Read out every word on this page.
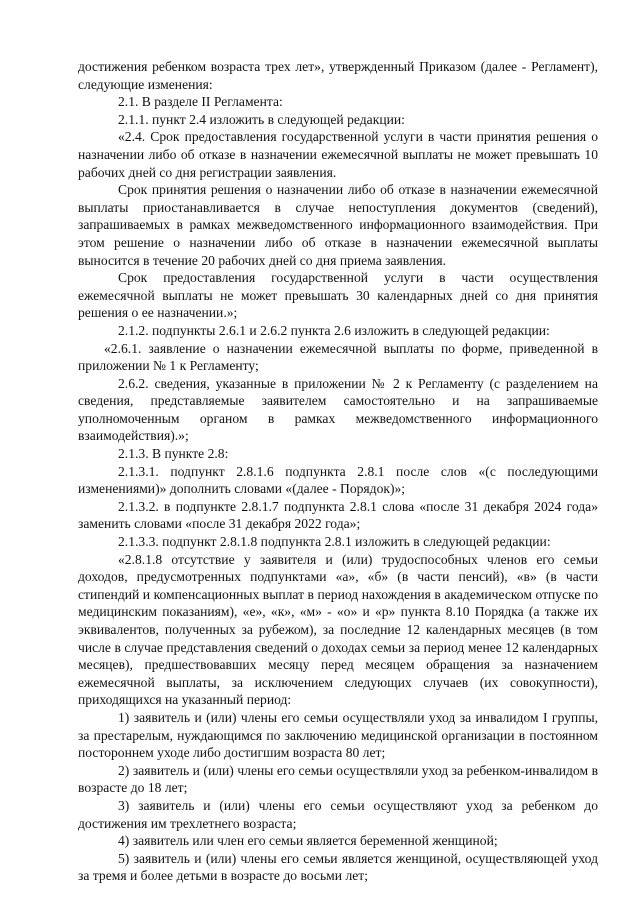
достижения ребенком возраста трех лет», утвержденный Приказом (далее - Регламент), следующие изменения:

2.1. В разделе II Регламента:

2.1.1. пункт 2.4 изложить в следующей редакции:

«2.4. Срок предоставления государственной услуги в части принятия решения о назначении либо об отказе в назначении ежемесячной выплаты не может превышать 10 рабочих дней со дня регистрации заявления.

Срок принятия решения о назначении либо об отказе в назначении ежемесячной выплаты приостанавливается в случае непоступления документов (сведений), запрашиваемых в рамках межведомственного информационного взаимодействия. При этом решение о назначении либо об отказе в назначении ежемесячной выплаты выносится в течение 20 рабочих дней со дня приема заявления.

Срок предоставления государственной услуги в части осуществления ежемесячной выплаты не может превышать 30 календарных дней со дня принятия решения о ее назначении.»;

2.1.2. подпункты 2.6.1 и 2.6.2 пункта 2.6 изложить в следующей редакции:

«2.6.1. заявление о назначении ежемесячной выплаты по форме, приведенной в приложении № 1 к Регламенту;

2.6.2. сведения, указанные в приложении № 2 к Регламенту (с разделением на сведения, представляемые заявителем самостоятельно и на запрашиваемые уполномоченным органом в рамках межведомственного информационного взаимодействия).»;

2.1.3. В пункте 2.8:

2.1.3.1. подпункт 2.8.1.6 подпункта 2.8.1 после слов «(с последующими изменениями)» дополнить словами «(далее - Порядок)»;

2.1.3.2. в подпункте 2.8.1.7 подпункта 2.8.1 слова «после 31 декабря 2024 года» заменить словами «после 31 декабря 2022 года»;

2.1.3.3. подпункт 2.8.1.8 подпункта 2.8.1 изложить в следующей редакции:

«2.8.1.8 отсутствие у заявителя и (или) трудоспособных членов его семьи доходов, предусмотренных подпунктами «а», «б» (в части пенсий), «в» (в части стипендий и компенсационных выплат в период нахождения в академическом отпуске по медицинским показаниям), «е», «к», «м» - «о» и «р» пункта 8.10 Порядка (а также их эквивалентов, полученных за рубежом), за последние 12 календарных месяцев (в том числе в случае представления сведений о доходах семьи за период менее 12 календарных месяцев), предшествовавших месяцу перед месяцем обращения за назначением ежемесячной выплаты, за исключением следующих случаев (их совокупности), приходящихся на указанный период:

1) заявитель и (или) члены его семьи осуществляли уход за инвалидом I группы, за престарелым, нуждающимся по заключению медицинской организации в постоянном постороннем уходе либо достигшим возраста 80 лет;

2) заявитель и (или) члены его семьи осуществляли уход за ребенком-инвалидом в возрасте до 18 лет;

3) заявитель и (или) члены его семьи осуществляют уход за ребенком до достижения им трехлетнего возраста;

4) заявитель или член его семьи является беременной женщиной;

5) заявитель и (или) члены его семьи является женщиной, осуществляющей уход за тремя и более детьми в возрасте до восьми лет;
